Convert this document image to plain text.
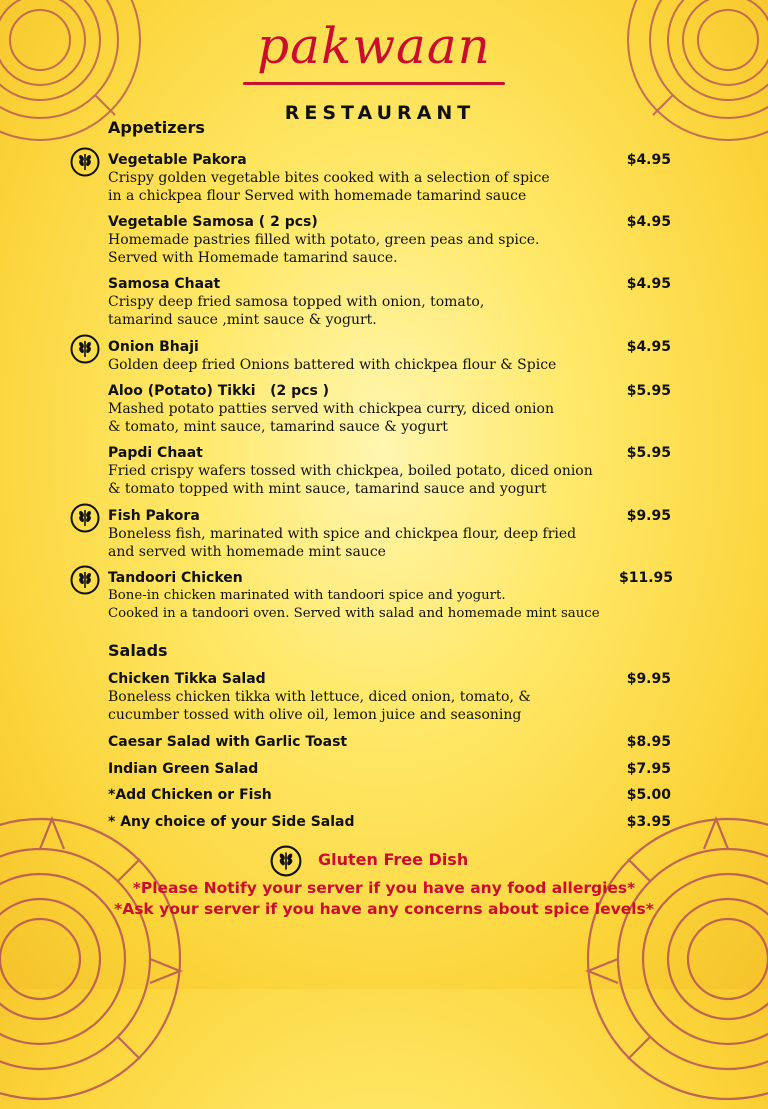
pakwaan
RESTAURANT
Appetizers
Salads
Vegetable Pakora
Crispy golden vegetable bites cooked with a selection of spice
in a chickpea flour Served with homemade tamarind sauce
$4.95
Vegetable Samosa ( 2 pcs)
Homemade pastries filled with potato, green peas and spice.
Served with Homemade tamarind sauce.
$4.95
Samosa Chaat
Crispy deep fried samosa topped with onion, tomato,
tamarind sauce ,mint sauce & yogurt.
$4.95
Onion Bhaji
Golden deep fried Onions battered with chickpea flour & Spice
$4.95
Aloo (Potato) Tikki   (2 pcs )
Mashed potato patties served with chickpea curry, diced onion
& tomato, mint sauce, tamarind sauce & yogurt
$5.95
Papdi Chaat
Fried crispy wafers tossed with chickpea, boiled potato, diced onion
& tomato topped with mint sauce, tamarind sauce and yogurt
$5.95
Fish Pakora
Boneless fish, marinated with spice and chickpea flour, deep fried
and served with homemade mint sauce
$9.95
Tandoori Chicken
Bone-in chicken marinated with tandoori spice and yogurt.
Cooked in a tandoori oven. Served with salad and homemade mint sauce
$11.95
Chicken Tikka Salad
Boneless chicken tikka with lettuce, diced onion, tomato, &
cucumber tossed with olive oil, lemon juice and seasoning
$9.95
Caesar Salad with Garlic Toast	$8.95
Indian Green Salad	$7.95
*Add Chicken or Fish	$5.00
* Any choice of your Side Salad	$3.95
Gluten Free Dish
*Please Notify your server if you have any food allergies*
*Ask your server if you have any concerns about spice levels*
